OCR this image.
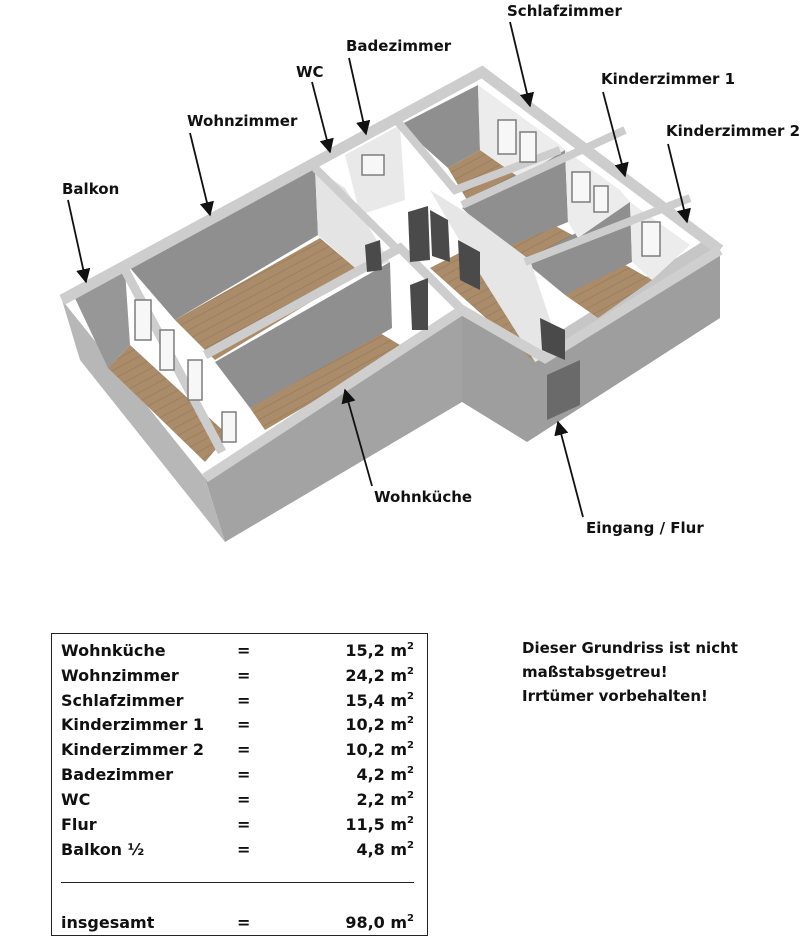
Schlafzimmer
Badezimmer
WC	Kinderzimmer 1
Wohnzimmer
Kinderzimmer 2
Balkon
Wohnküche
Eingang / Flur
Wohnküche	=	15,2 $m^2$
Wohnzimmer	=	24,2 $m^2$
Schlafzimmer	=	15,4 $m^2$
Kinderzimmer 1 =	10,2 $m^2$
Kinderzimmer 2 =	10,2 $m^2$
Badezimmer	=	4,2 $m^2$
WC	=	2,2 $m^2$
Flur	=	11,5 $m^2$
Balkon ½	=	4,8 $m^2$
insgesamt	=	98,0 $m^2$
Dieser Grundriss ist nicht
maßstabsgetreu!
Irrtümer vorbehalten!
